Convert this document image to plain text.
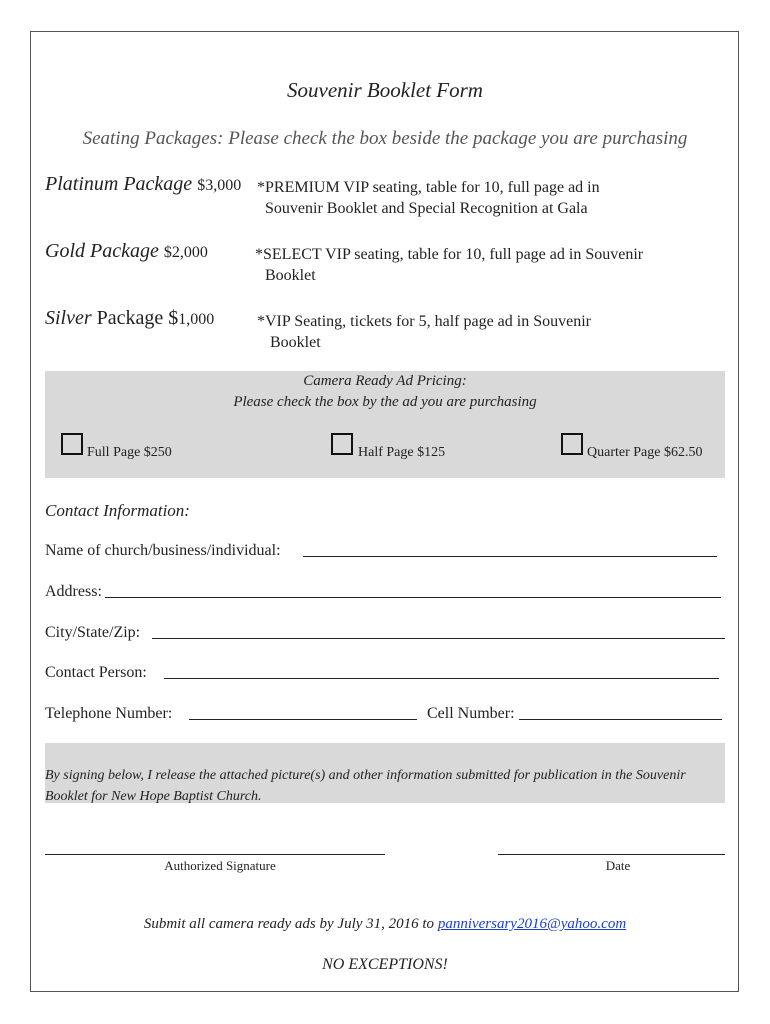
Souvenir Booklet Form
Seating Packages: Please check the box beside the package you are purchasing
Platinum Package $3,000 *PREMIUM VIP seating, table for 10, full page ad in
Souvenir Booklet and Special Recognition at Gala
Gold Package $2,000	*SELECT VIP seating, table for 10, full page ad in Souvenir
Booklet
Silver Package $1,000	*VIP Seating, tickets for 5, half page ad in Souvenir
Booklet
Camera Ready Ad Pricing:
Please check the box by the ad you are purchasing
Full Page $250	Half Page $125	Quarter Page $62.50
Contact Information:
Name of church/business/individual:
Address:
City/State/Zip:
Contact Person:
Telephone Number:	Cell Number:
By signing below, I release the attached picture(s) and other information submitted for publication in the Souvenir Booklet for New Hope Baptist Church.
Authorized Signature	Date
Submit all camera ready ads by July 31, 2016 to panniversary2016@yahoo.com
NO EXCEPTIONS!
